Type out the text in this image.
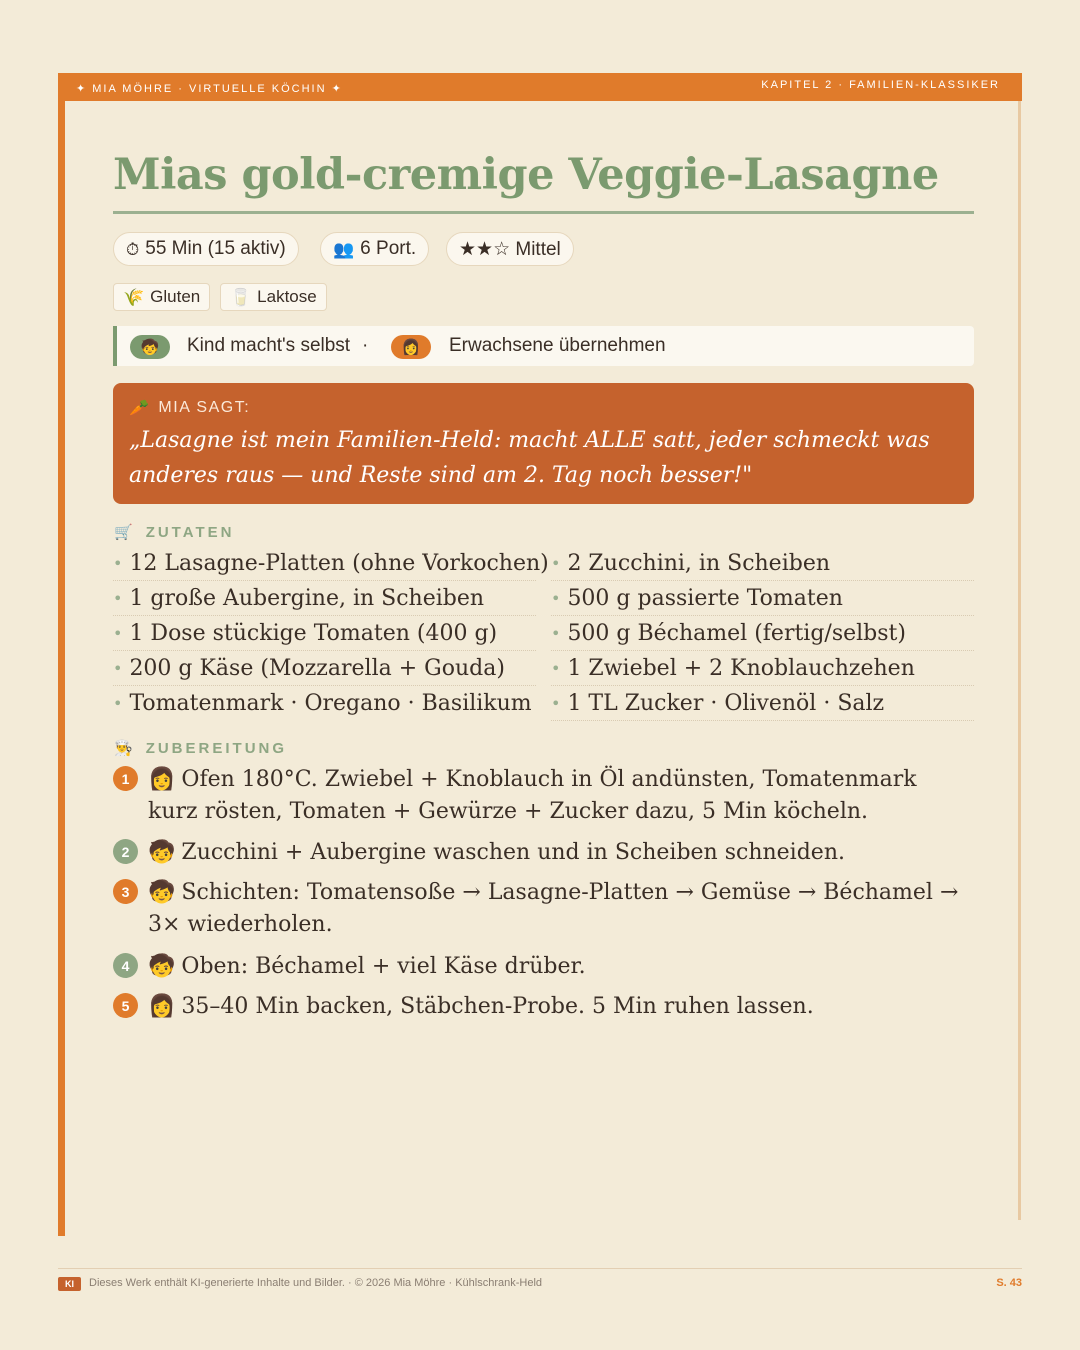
✦ MIA MÖHRE · VIRTUELLE KÖCHIN ✦	KAPITEL 2 · FAMILIEN-KLASSIKER
Mias gold-cremige Veggie-Lasagne
⏱ 55 Min (15 aktiv)	👥 6 Port. ★★☆ Mittel
🌾 Gluten 🥛 Laktose
🧒 Kind macht's selbst · 👩 Erwachsene übernehmen
🥕 MIA SAGT:

„Lasagne ist mein Familien-Held: macht ALLE satt, jeder schmeckt was anderes raus — und Reste sind am 2. Tag noch besser!"

🛒 ZUTATEN
• 12 Lasagne-Platten (ohne Vorkochen)
• 1 große Aubergine, in Scheiben
• 1 Dose stückige Tomaten (400 g)
• 200 g Käse (Mozzarella + Gouda)
• Tomatenmark · Oregano · Basilikum
• 2 Zucchini, in Scheiben
• 500 g passierte Tomaten
• 500 g Béchamel (fertig/selbst)
• 1 Zwiebel + 2 Knoblauchzehen
• 1 TL Zucker · Olivenöl · Salz
👨‍🍳 ZUBEREITUNG
1 👩 Ofen 180°C. Zwiebel + Knoblauch in Öl andünsten, Tomatenmark kurz rösten, Tomaten + Gewürze + Zucker dazu, 5 Min köcheln.
2 🧒 Zucchini + Aubergine waschen und in Scheiben schneiden.
3 🧒 Schichten: Tomatensoße → Lasagne-Platten → Gemüse → Béchamel → 3× wiederholen.
4 🧒 Oben: Béchamel + viel Käse drüber.
5 👩 35–40 Min backen, Stäbchen-Probe. 5 Min ruhen lassen.
KI	Dieses Werk enthält KI-generierte Inhalte und Bilder. · © 2026 Mia Möhre · Kühlschrank-Held	S. 43
